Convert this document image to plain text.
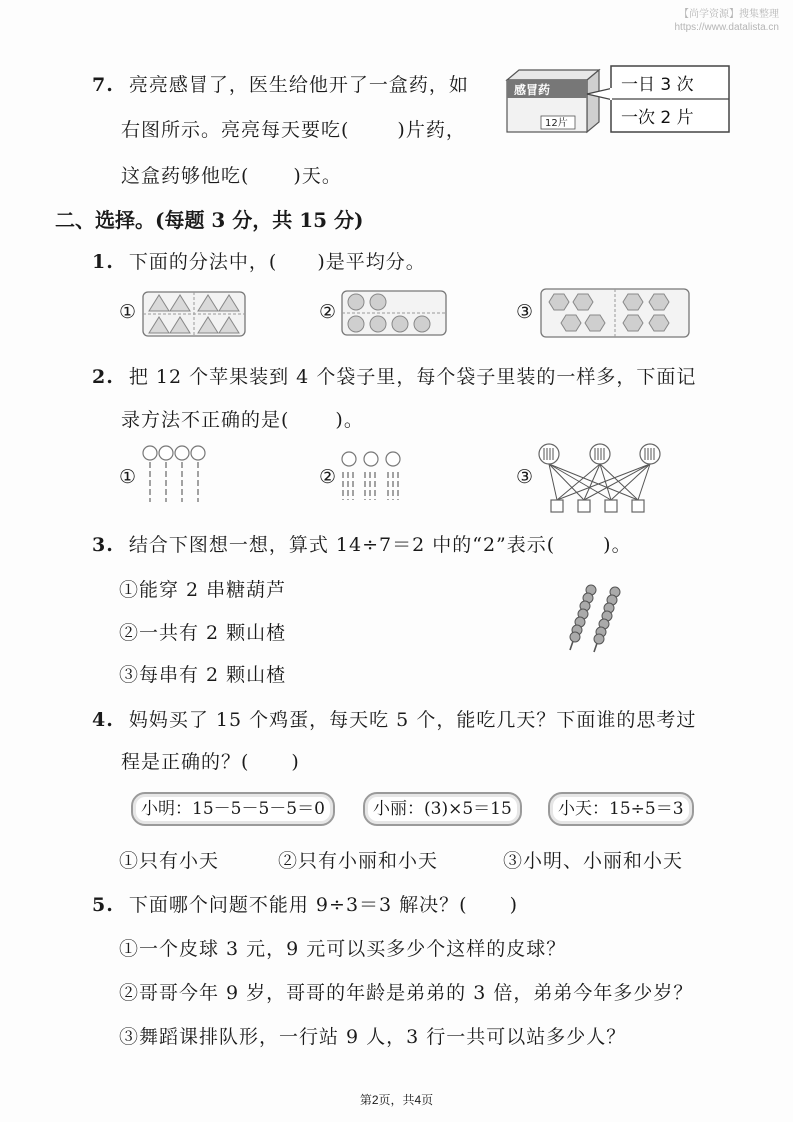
【尚学资源】搜集整理
https://www.datalista.cn
7. 亮亮感冒了，医生给他开了一盒药，如
右图所示。亮亮每天要吃(	)片药，
这盒药够他吃( )天。
感冒药
12片
一日 3 次
一次 2 片
二、选择。(每题 3 分，共 15 分)
1. 下面的分法中，( )是平均分。
①	②	③
2. 把 12 个苹果装到 4 个袋子里，每个袋子里装的一样多，下面记
录方法不正确的是( )。
①	②	③
3. 结合下图想一想，算式 14÷7＝2 中的“2”表示(	)。
①能穿 2 串糖葫芦
②一共有 2 颗山楂
③每串有 2 颗山楂
4. 妈妈买了 15 个鸡蛋，每天吃 5 个，能吃几天？下面谁的思考过
程是正确的？( )
小明：15－5－5－5＝0	小丽：(3)×5＝15	小天：15÷5＝3
①只有小天	②只有小丽和小天	③小明、小丽和小天
5. 下面哪个问题不能用 9÷3＝3 解决？( )
①一个皮球 3 元，9 元可以买多少个这样的皮球？
②哥哥今年 9 岁，哥哥的年龄是弟弟的 3 倍，弟弟今年多少岁？
③舞蹈课排队形，一行站 9 人，3 行一共可以站多少人？
第2页，共4页
